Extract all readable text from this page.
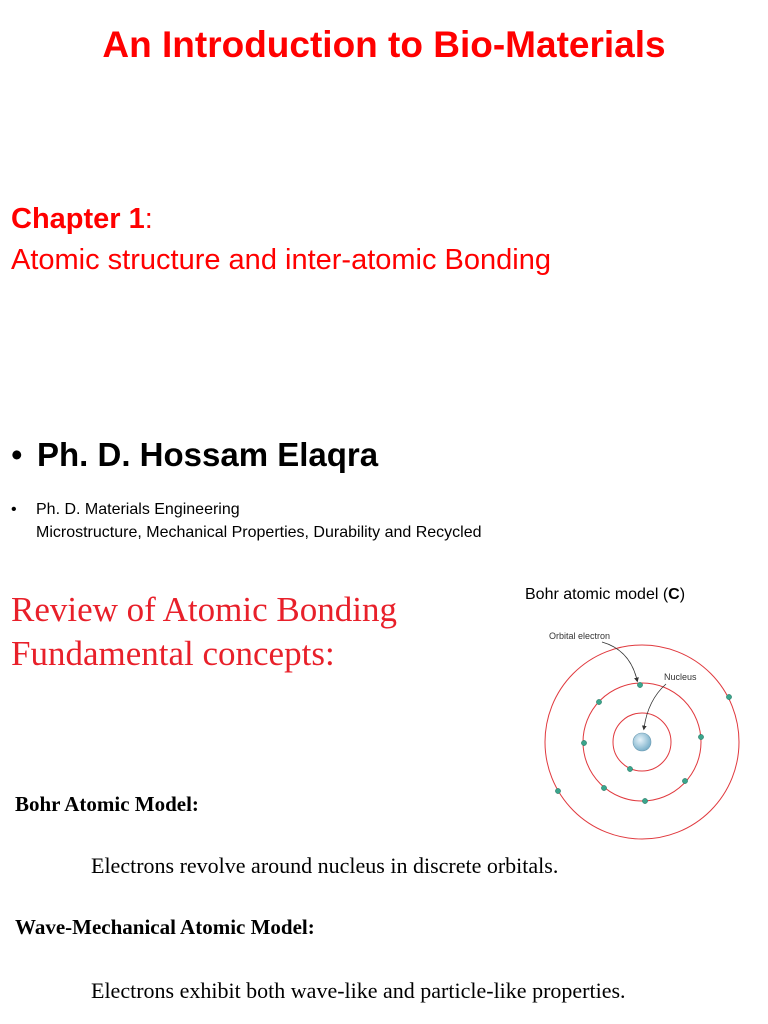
An Introduction to Bio-Materials
Chapter 1:
Atomic structure and inter-atomic Bonding
• Ph. D. Hossam Elaqra
• Ph. D. Materials Engineering
Microstructure, Mechanical Properties, Durability and Recycled
Review of Atomic Bonding
Fundamental concepts:
Bohr atomic model (C)
Orbital electron
Nucleus
Bohr Atomic Model:
Electrons revolve around nucleus in discrete orbitals.
Wave-Mechanical Atomic Model:
Electrons exhibit both wave-like and particle-like properties.
